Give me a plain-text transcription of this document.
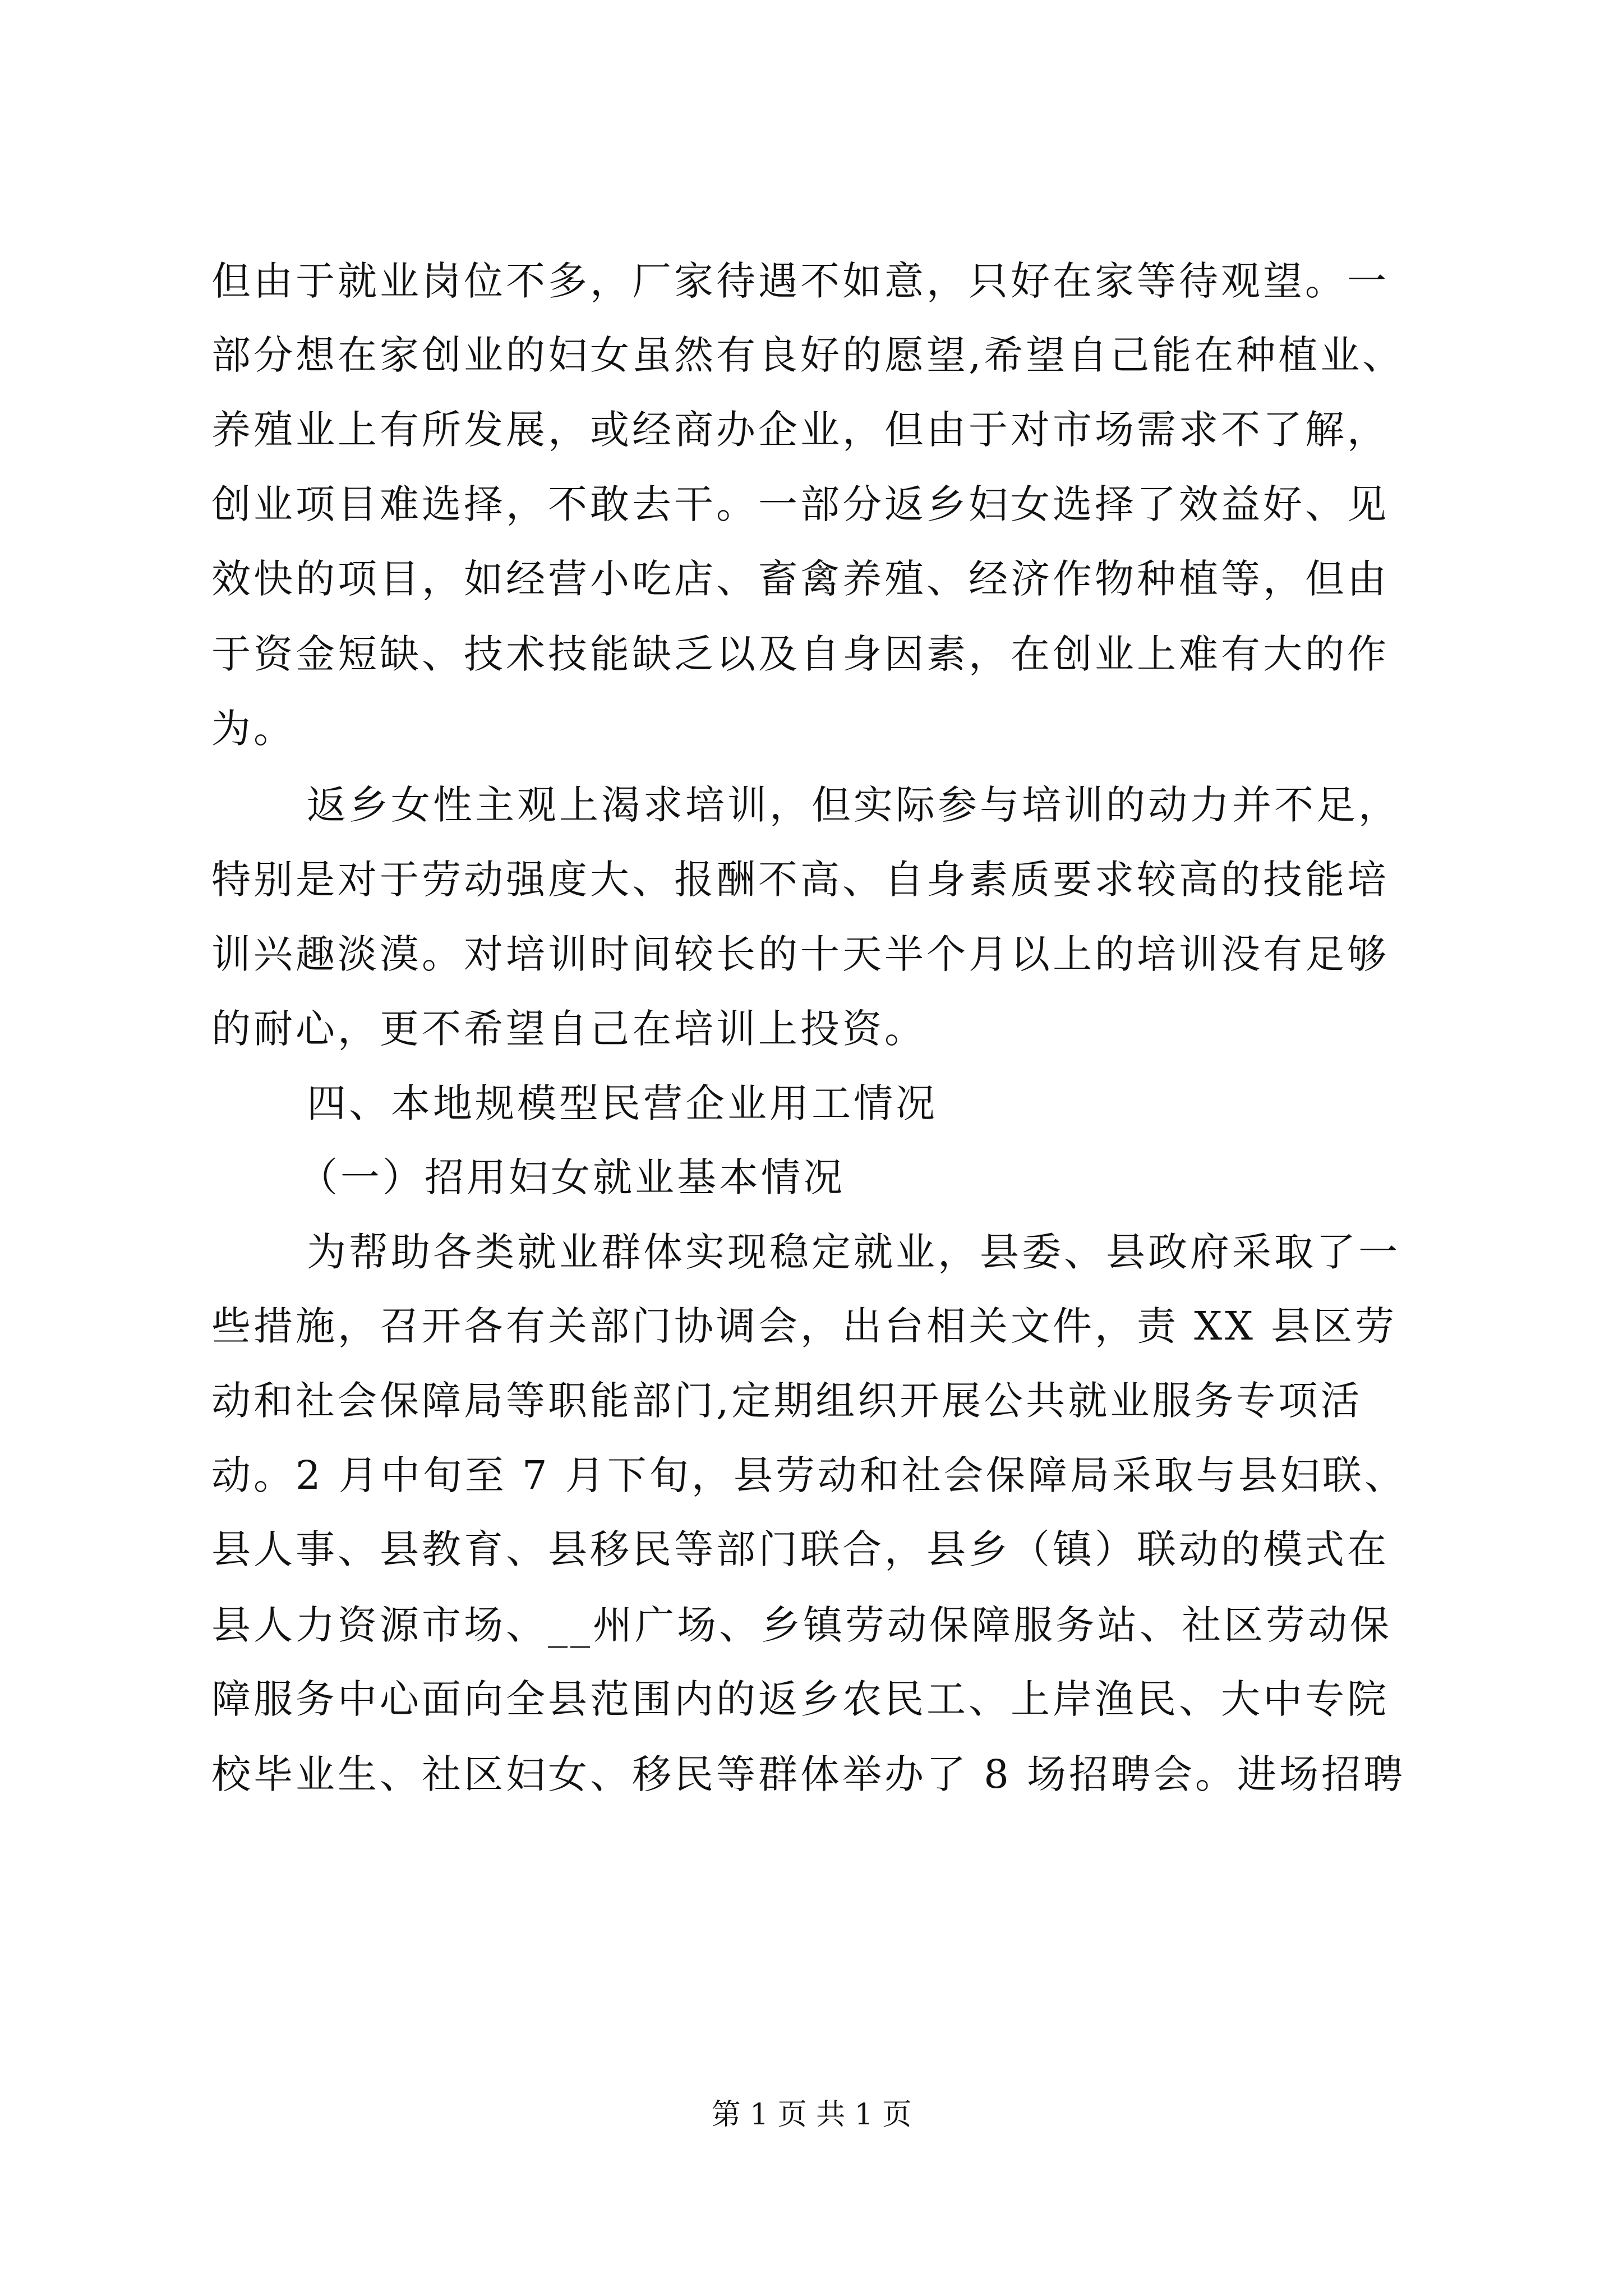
但由于就业岗位不多，厂家待遇不如意，只好在家等待观望。一
部分想在家创业的妇女虽然有良好的愿望,希望自己能在种植业、
养殖业上有所发展，或经商办企业，但由于对市场需求不了解，
创业项目难选择，不敢去干。一部分返乡妇女选择了效益好、见
效快的项目，如经营小吃店、畜禽养殖、经济作物种植等，但由
于资金短缺、技术技能缺乏以及自身因素，在创业上难有大的作
为。
返乡女性主观上渴求培训，但实际参与培训的动力并不足，
特别是对于劳动强度大、报酬不高、自身素质要求较高的技能培
训兴趣淡漠。对培训时间较长的十天半个月以上的培训没有足够
的耐心，更不希望自己在培训上投资。
四、本地规模型民营企业用工情况
（一）招用妇女就业基本情况
为帮助各类就业群体实现稳定就业，县委、县政府采取了一
些措施，召开各有关部门协调会，出台相关文件，责 XX 县区劳
动和社会保障局等职能部门,定期组织开展公共就业服务专项活
动。2 月中旬至 7 月下旬，县劳动和社会保障局采取与县妇联、
县人事、县教育、县移民等部门联合，县乡（镇）联动的模式在
县人力资源市场、__州广场、乡镇劳动保障服务站、社区劳动保
障服务中心面向全县范围内的返乡农民工、上岸渔民、大中专院
校毕业生、社区妇女、移民等群体举办了 8 场招聘会。进场招聘
第 1 页 共 1 页
